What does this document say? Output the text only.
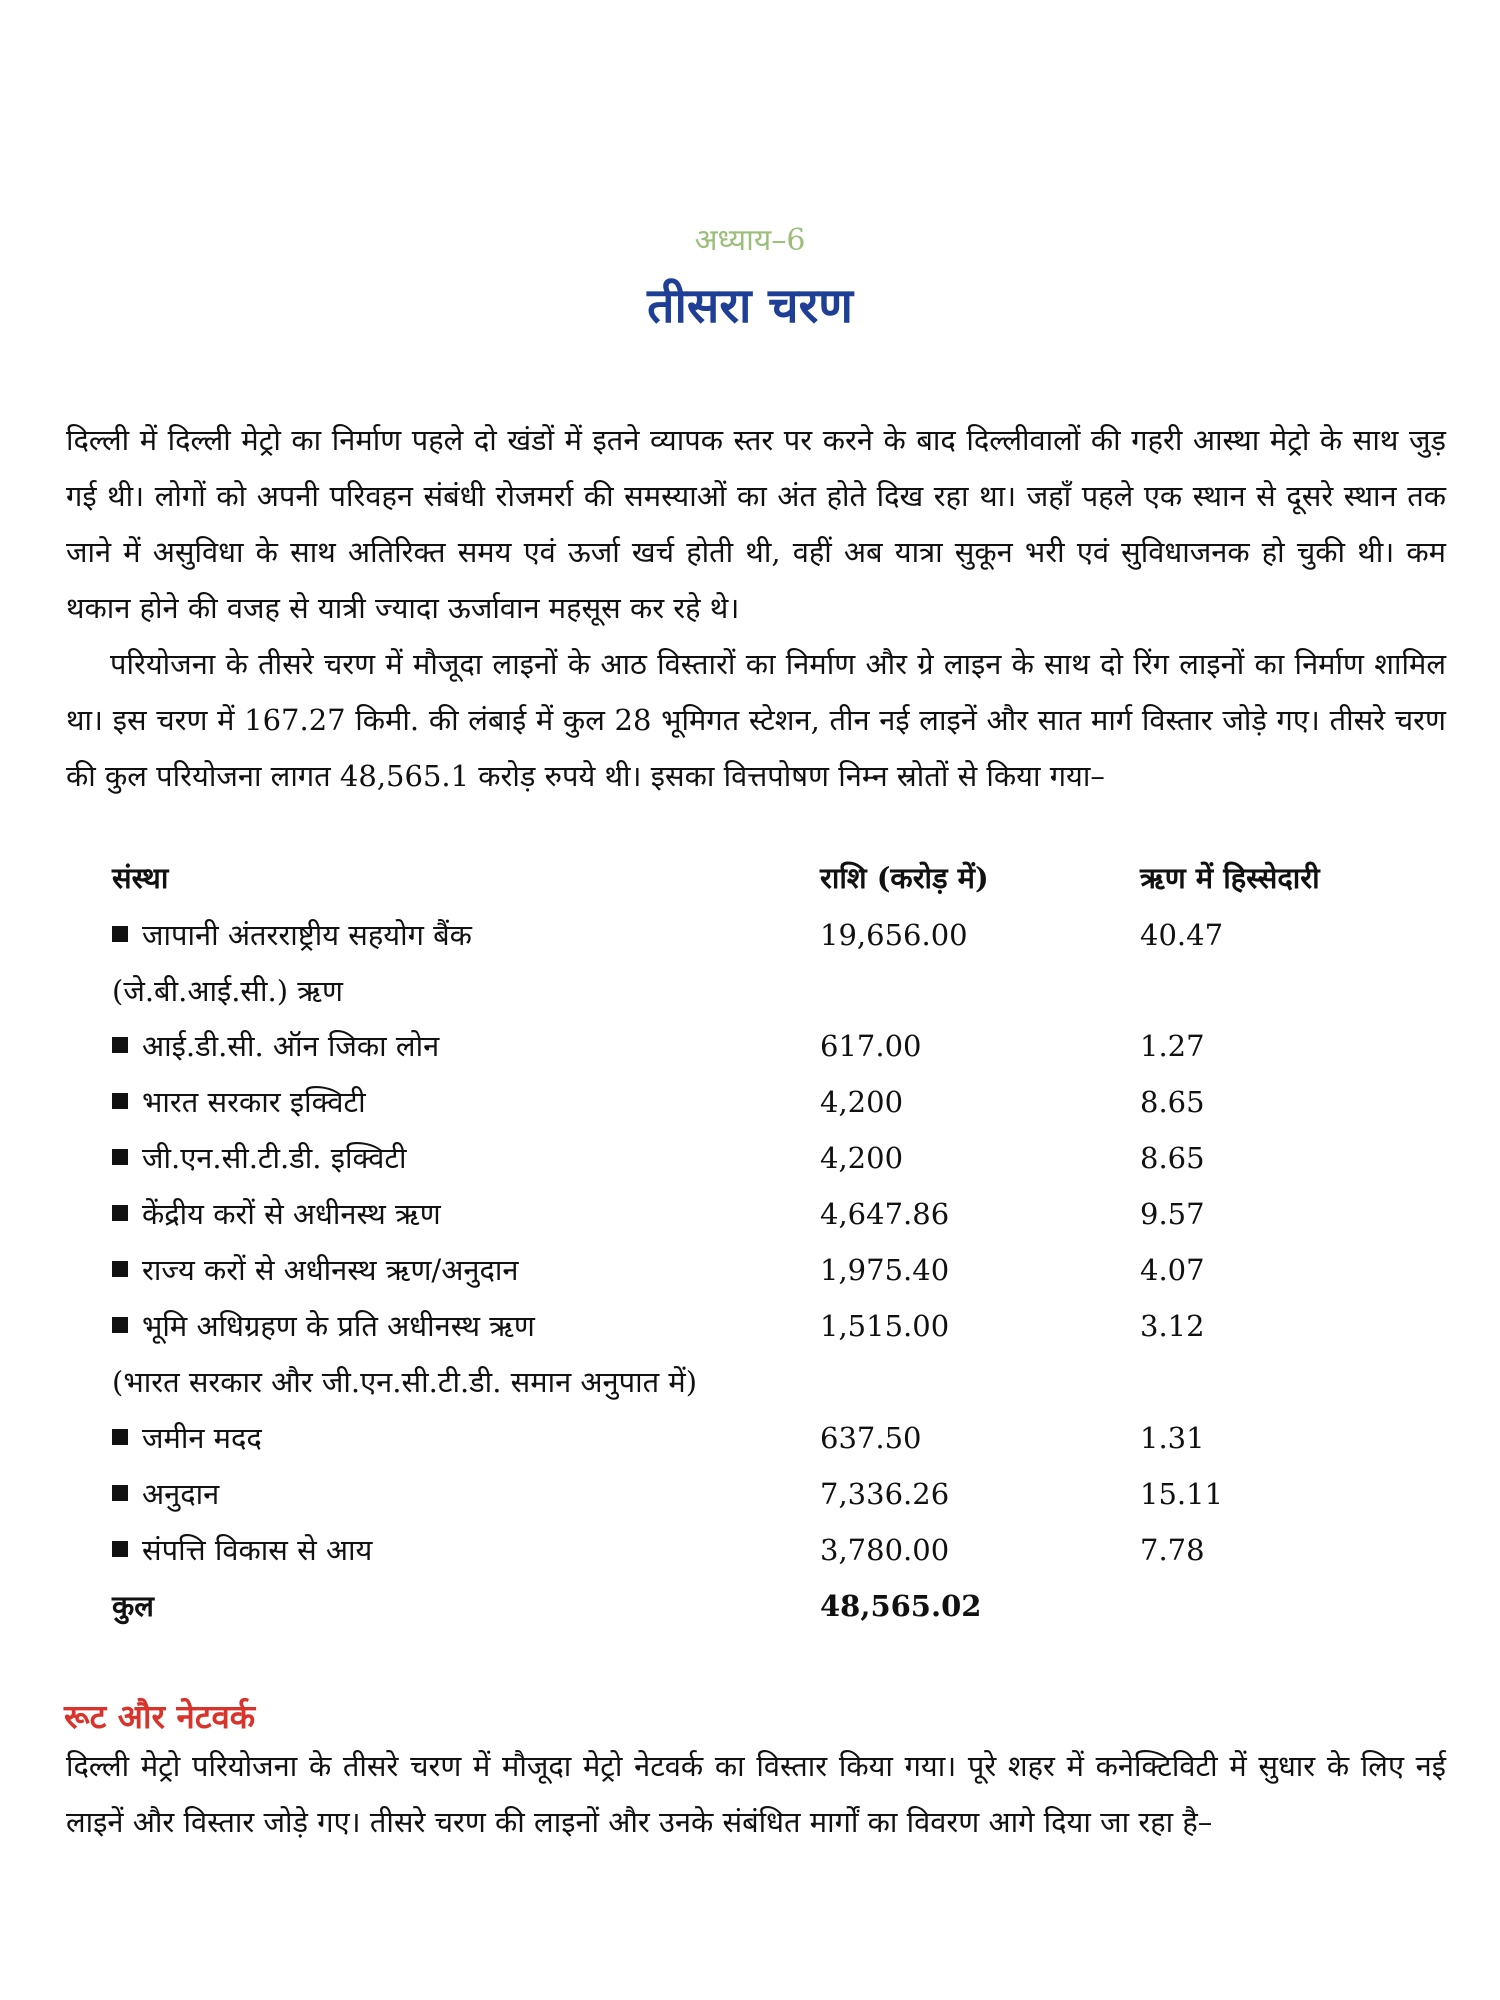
अध्याय–6
तीसरा चरण

दिल्ली में दिल्ली मेट्रो का निर्माण पहले दो खंडों में इतने व्यापक स्तर पर करने के बाद दिल्लीवालों की गहरी आस्था मेट्रो के साथ जुड़ गई थी। लोगों को अपनी परिवहन संबंधी रोजमर्रा की समस्याओं का अंत होते दिख रहा था। जहाँ पहले एक स्थान से दूसरे स्थान तक जाने में असुविधा के साथ अतिरिक्त समय एवं ऊर्जा खर्च होती थी, वहीं अब यात्रा सुकून भरी एवं सुविधाजनक हो चुकी थी। कम थकान होने की वजह से यात्री ज्यादा ऊर्जावान महसूस कर रहे थे।

परियोजना के तीसरे चरण में मौजूदा लाइनों के आठ विस्तारों का निर्माण और ग्रे लाइन के साथ दो रिंग लाइनों का निर्माण शामिल था। इस चरण में 167.27 किमी. की लंबाई में कुल 28 भूमिगत स्टेशन, तीन नई लाइनें और सात मार्ग विस्तार जोड़े गए। तीसरे चरण की कुल परियोजना लागत 48,565.1 करोड़ रुपये थी। इसका वित्तपोषण निम्न स्रोतों से किया गया–

संस्था	राशि (करोड़ में)	ऋण में हिस्सेदारी
जापानी अंतरराष्ट्रीय सहयोग बैंक	19,656.00	40.47
(जे.बी.आई.सी.) ऋण
आई.डी.सी. ऑन जिका लोन	617.00	1.27
भारत सरकार इक्विटी	4,200	8.65
जी.एन.सी.टी.डी. इक्विटी	4,200	8.65
केंद्रीय करों से अधीनस्थ ऋण	4,647.86	9.57
राज्य करों से अधीनस्थ ऋण/अनुदान	1,975.40	4.07
भूमि अधिग्रहण के प्रति अधीनस्थ ऋण	1,515.00	3.12
(भारत सरकार और जी.एन.सी.टी.डी. समान अनुपात में)
जमीन मदद	637.50	1.31
अनुदान	7,336.26	15.11
संपत्ति विकास से आय	3,780.00	7.78
कुल	48,565.02
रूट और नेटवर्क

दिल्ली मेट्रो परियोजना के तीसरे चरण में मौजूदा मेट्रो नेटवर्क का विस्तार किया गया। पूरे शहर में कनेक्टिविटी में सुधार के लिए नई लाइनें और विस्तार जोड़े गए। तीसरे चरण की लाइनों और उनके संबंधित मार्गों का विवरण आगे दिया जा रहा है–
